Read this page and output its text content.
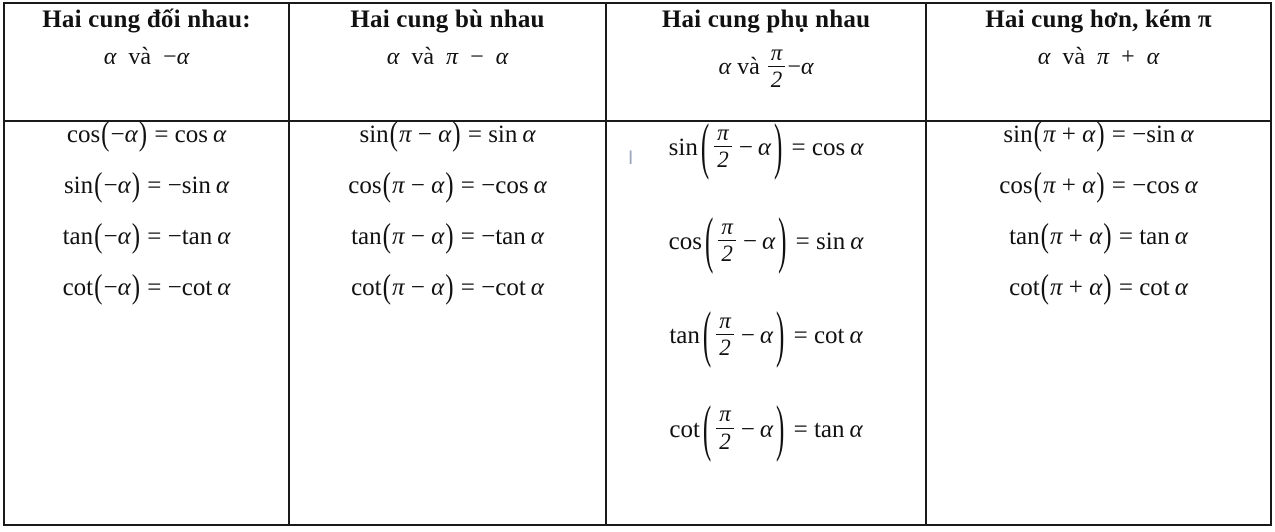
Hai cung đối nhau:
α và −α

Hai cung bù nhau
α và π − α

Hai cung phụ nhau
α
và
$\frac{\pi}{2} - \alpha$

Hai cung hơn, kém π
α và π + α

cos(−α) = cos  α
sin(−α) = −sin  α
tan(−α) = −tan  α
cot(−α) = −cot  α

sin(π − α) = sin  α
cos(π − α) = −cos  α
tan(π − α) = −tan  α
cot(π − α) = −cot  α

sin ( $\frac{\pi}{2} - \alpha$ ) = cos
  α
cos ( $\frac{\pi}{2} - \alpha$ ) = sin
  α
tan ( $\frac{\pi}{2} - \alpha$ ) = cot
  α
cot ( $\frac{\pi}{2} - \alpha$ ) = tan
  α

sin(π + α) = −sin  α
cos(π + α) = −cos  α
tan(π + α) = tan  α
cot(π + α) = cot  α
I
